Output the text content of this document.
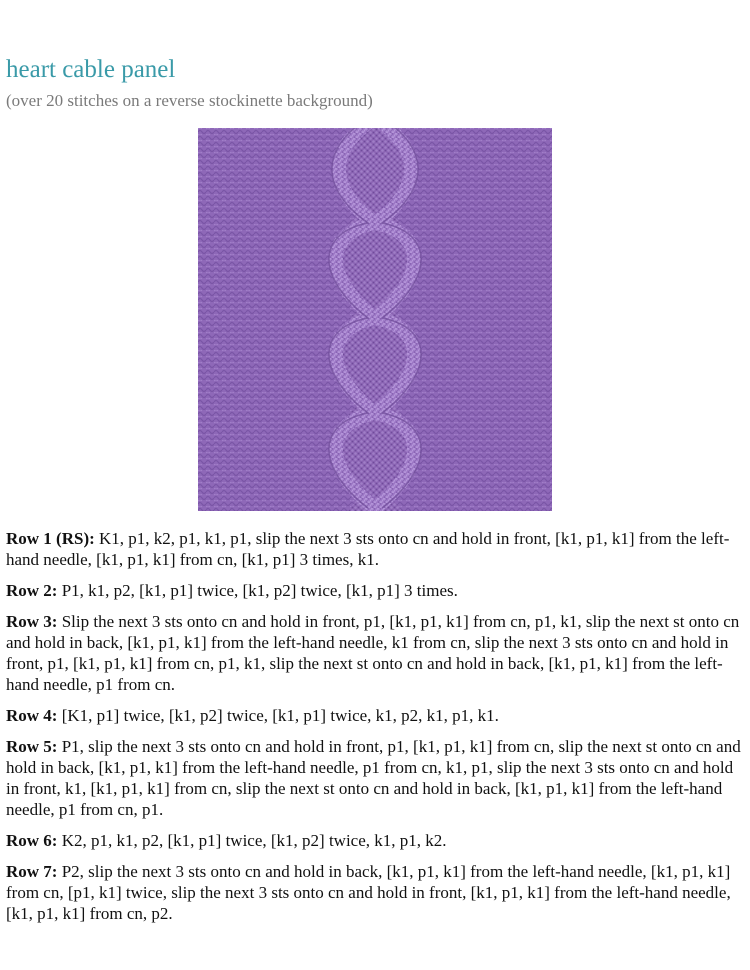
heart cable panel

(over 20 stitches on a reverse stockinette background)

Row 1 (RS): K1, p1, k2, p1, k1, p1, slip the next 3 sts onto cn and hold in front, [k1, p1, k1] from the left-hand needle, [k1, p1, k1] from cn, [k1, p1] 3 times, k1.

Row 2: P1, k1, p2, [k1, p1] twice, [k1, p2] twice, [k1, p1] 3 times.

Row 3: Slip the next 3 sts onto cn and hold in front, p1, [k1, p1, k1] from cn, p1, k1, slip the next st onto cn and hold in back, [k1, p1, k1] from the left-hand needle, k1 from cn, slip the next 3 sts onto cn and hold in front, p1, [k1, p1, k1] from cn, p1, k1, slip the next st onto cn and hold in back, [k1, p1, k1] from the left-hand needle, p1 from cn.

Row 4: [K1, p1] twice, [k1, p2] twice, [k1, p1] twice, k1, p2, k1, p1, k1.

Row 5: P1, slip the next 3 sts onto cn and hold in front, p1, [k1, p1, k1] from cn, slip the next st onto cn and hold in back, [k1, p1, k1] from the left-hand needle, p1 from cn, k1, p1, slip the next 3 sts onto cn and hold in front, k1, [k1, p1, k1] from cn, slip the next st onto cn and hold in back, [k1, p1, k1] from the left-hand needle, p1 from cn, p1.

Row 6: K2, p1, k1, p2, [k1, p1] twice, [k1, p2] twice, k1, p1, k2.

Row 7: P2, slip the next 3 sts onto cn and hold in back, [k1, p1, k1] from the left-hand needle, [k1, p1, k1] from cn, [p1, k1] twice, slip the next 3 sts onto cn and hold in front, [k1, p1, k1] from the left-hand needle, [k1, p1, k1] from cn, p2.
